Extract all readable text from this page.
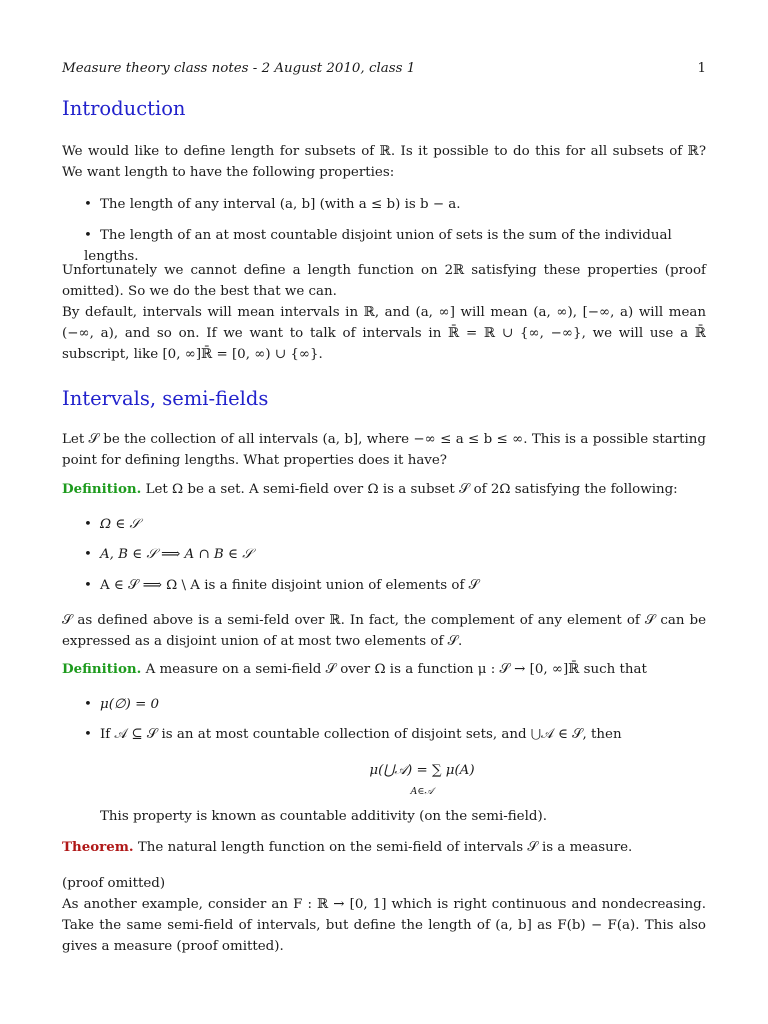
Measure theory class notes - 2 August 2010, class 1	1
Introduction

We would like to define length for subsets of ℝ. Is it possible to do this for all subsets of ℝ? We want length to have the following properties:

• The length of any interval (a, b] (with a ≤ b) is b − a.
• The length of an at most countable disjoint union of sets is the sum of the individual lengths.

Unfortunately we cannot define a length function on 2ℝ satisfying these properties (proof omitted). So we do the best that we can.

By default, intervals will mean intervals in ℝ, and (a, ∞] will mean (a, ∞), [−∞, a) will mean (−∞, a), and so on. If we want to talk of intervals in ℝ̄ = ℝ ∪ {∞, −∞}, we will use a ℝ̄ subscript, like [0, ∞]ℝ̄ = [0, ∞) ∪ {∞}.

Intervals, semi-fields

Let 𝒮 be the collection of all intervals (a, b], where −∞ ≤ a ≤ b ≤ ∞. This is a possible starting point for defining lengths. What properties does it have?

Definition. Let Ω be a set. A semi-field over Ω is a subset 𝒮 of 2Ω satisfying the following:

• Ω ∈ 𝒮
• A, B ∈ 𝒮 ⟹ A ∩ B ∈ 𝒮
• A ∈ 𝒮 ⟹ Ω \ A is a finite disjoint union of elements of 𝒮

𝒮 as defined above is a semi-feld over ℝ. In fact, the complement of any element of 𝒮 can be expressed as a disjoint union of at most two elements of 𝒮.

Definition. A measure on a semi-field 𝒮 over Ω is a function μ : 𝒮 → [0, ∞]ℝ̄ such that

• μ(∅) = 0
• If 𝒜 ⊆ 𝒮 is an at most countable collection of disjoint sets, and ⋃𝒜 ∈ 𝒮, then
μ(⋃𝒜) = ∑ μ(A)
A∈𝒜

This property is known as countable additivity (on the semi-field).

Theorem. The natural length function on the semi-field of intervals 𝒮 is a measure.

(proof omitted)

As another example, consider an F : ℝ → [0, 1] which is right continuous and nondecreasing. Take the same semi-field of intervals, but define the length of (a, b] as F(b) − F(a). This also gives a measure (proof omitted).
